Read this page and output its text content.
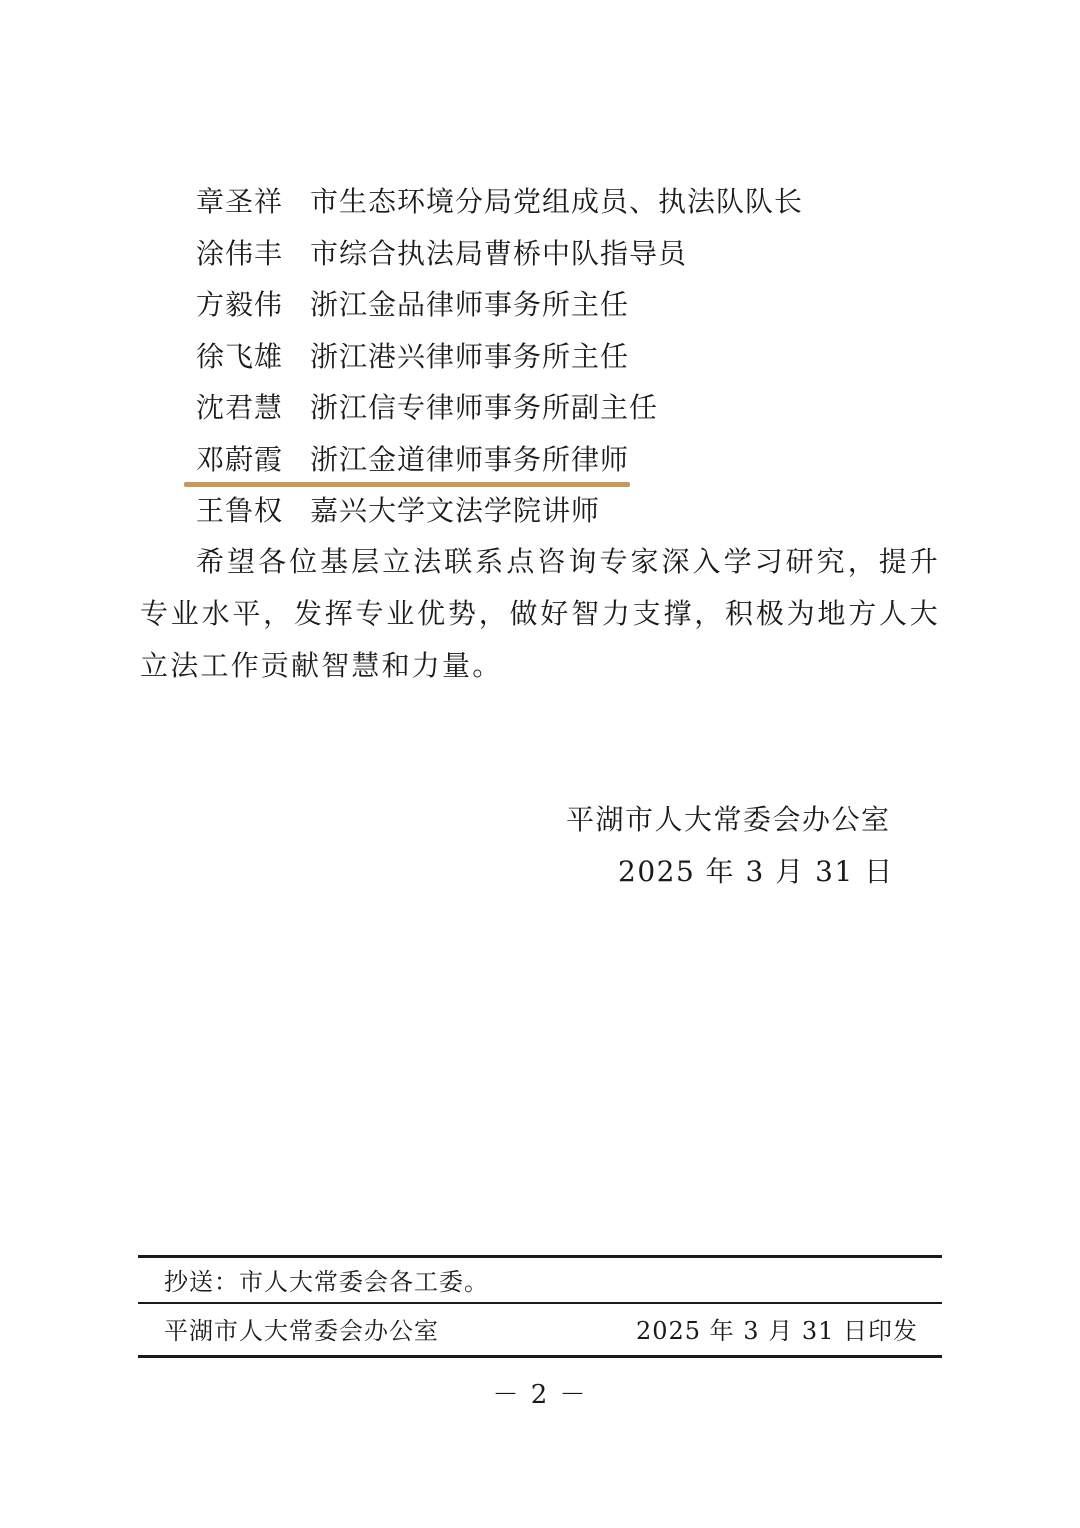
章圣祥 市生态环境分局党组成员、执法队队长
涂伟丰 市综合执法局曹桥中队指导员
方毅伟 浙江金品律师事务所主任
徐飞雄 浙江港兴律师事务所主任
沈君慧 浙江信专律师事务所副主任
邓蔚霞 浙江金道律师事务所律师
王鲁权 嘉兴大学文法学院讲师

希望各位基层立法联系点咨询专家深入学习研究，提升专业水平，发挥专业优势，做好智力支撑，积极为地方人大立法工作贡献智慧和力量。

平湖市人大常委会办公室
2025 年 3 月 31 日
抄送：市人大常委会各工委。
平湖市人大常委会办公室	2025 年 3 月 31 日印发
－ 2 －
